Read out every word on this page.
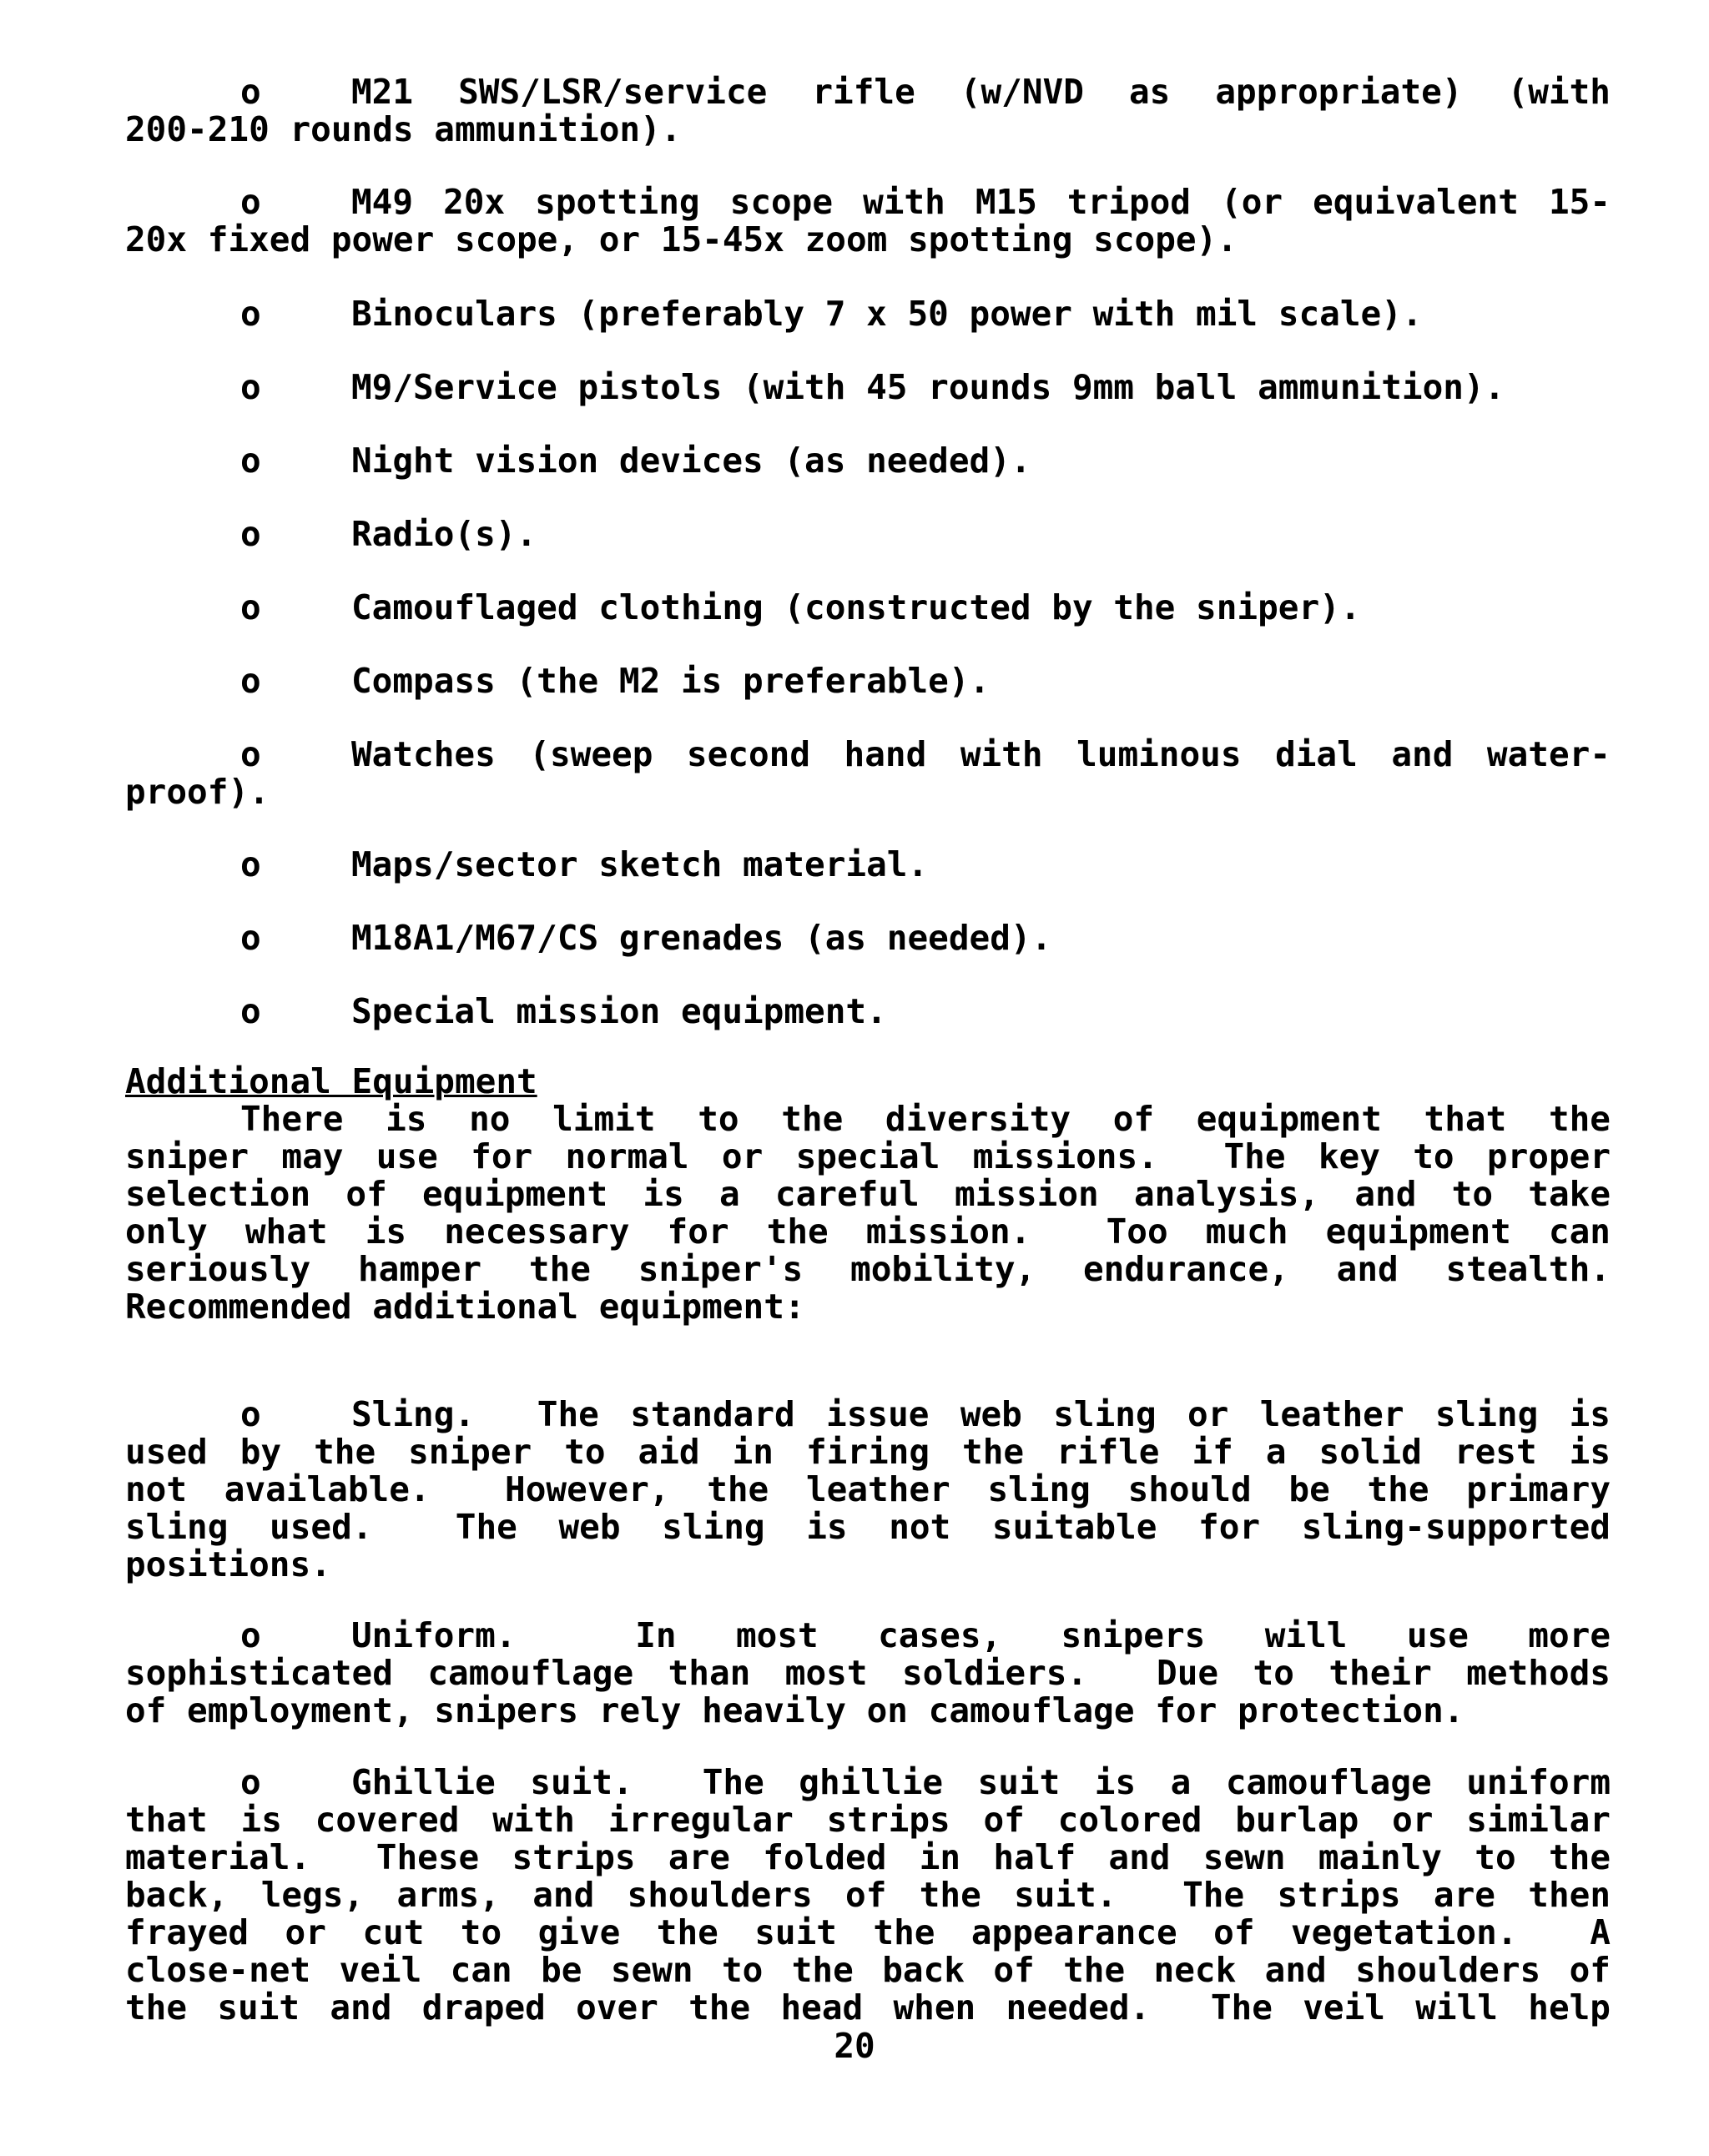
o	M21 SWS/LSR/service rifle (w/NVD as appropriate) (with
200-210 rounds ammunition).
o	M49 20x spotting scope with M15 tripod (or equivalent 15-
20x fixed power scope, or 15-45x zoom spotting scope).
o	Binoculars (preferably 7 x 50 power with mil scale).
o	M9/Service pistols (with 45 rounds 9mm ball ammunition).
o	Night vision devices (as needed).
o	Radio(s).
o	Camouflaged clothing (constructed by the sniper).
o	Compass (the M2 is preferable).
o	Watches (sweep second hand with luminous dial and water-
proof).
o	Maps/sector sketch material.
o	M18A1/M67/CS grenades (as needed).
o	Special mission equipment.
Additional Equipment
There is no limit to the diversity of equipment that the
sniper may use for normal or special missions.  The key to proper
selection of equipment is a careful mission analysis, and to take
only what is necessary for the mission.  Too much equipment can
seriously hamper the sniper's mobility, endurance, and stealth.
Recommended additional equipment:
o	Sling.  The standard issue web sling or leather sling is
used by the sniper to aid in firing the rifle if a solid rest is
not available.  However, the leather sling should be the primary
sling used.  The web sling is not suitable for sling-supported
positions.
o	Uniform.  In most cases, snipers will use more
sophisticated camouflage than most soldiers.  Due to their methods
of employment, snipers rely heavily on camouflage for protection.
o	Ghillie suit.  The ghillie suit is a camouflage uniform
that is covered with irregular strips of colored burlap or similar
material.  These strips are folded in half and sewn mainly to the
back, legs, arms, and shoulders of the suit.  The strips are then
frayed or cut to give the suit the appearance of vegetation.  A
close-net veil can be sewn to the back of the neck and shoulders of
the suit and draped over the head when needed.  The veil will help
20
